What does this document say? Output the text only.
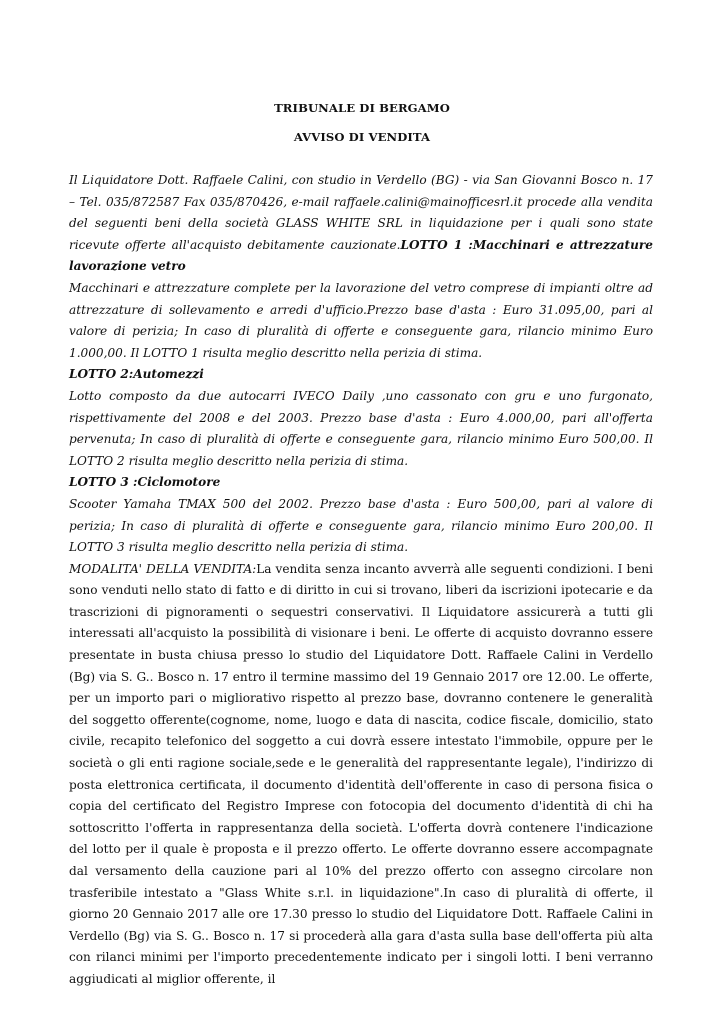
TRIBUNALE DI BERGAMO
AVVISO DI VENDITA

Il Liquidatore Dott. Raffaele Calini, con studio in Verdello (BG) - via San Giovanni Bosco n. 17 – Tel. 035/872587 Fax 035/870426, e-mail raffaele.calini@mainofficesrl.it procede alla vendita del seguenti beni della società GLASS WHITE SRL in liquidazione per i quali sono state ricevute offerte all'acquisto debitamente cauzionate.LOTTO 1 :Macchinari e attrezzature lavorazione vetro

Macchinari e attrezzature complete per la lavorazione del vetro comprese di impianti oltre ad attrezzature di sollevamento e arredi d'ufficio.Prezzo base d'asta : Euro 31.095,00, pari al valore di perizia; In caso di pluralità di offerte e conseguente gara, rilancio minimo Euro 1.000,00. Il LOTTO 1 risulta meglio descritto nella perizia di stima.

LOTTO 2:Automezzi

Lotto composto da due autocarri IVECO Daily ,uno cassonato con gru e uno furgonato, rispettivamente del 2008 e del 2003. Prezzo base d'asta : Euro 4.000,00, pari all'offerta pervenuta; In caso di pluralità di offerte e conseguente gara, rilancio minimo Euro 500,00. Il LOTTO 2 risulta meglio descritto nella perizia di stima.

LOTTO 3 :Ciclomotore

Scooter Yamaha TMAX 500 del 2002. Prezzo base d'asta : Euro 500,00, pari al valore di perizia; In caso di pluralità di offerte e conseguente gara, rilancio minimo Euro 200,00. Il LOTTO 3 risulta meglio descritto nella perizia di stima.

MODALITA' DELLA VENDITA:La vendita senza incanto avverrà alle seguenti condizioni. I beni sono venduti nello stato di fatto e di diritto in cui si trovano, liberi da iscrizioni ipotecarie e da trascrizioni di pignoramenti o sequestri conservativi. Il Liquidatore assicurerà a tutti gli interessati all'acquisto la possibilità di visionare i beni. Le offerte di acquisto dovranno essere presentate in busta chiusa presso lo studio del Liquidatore Dott. Raffaele Calini in Verdello (Bg) via S. G.. Bosco n. 17 entro il termine massimo del 19 Gennaio 2017 ore 12.00. Le offerte, per un importo pari o migliorativo rispetto al prezzo base, dovranno contenere le generalità del soggetto offerente(cognome, nome, luogo e data di nascita, codice fiscale, domicilio, stato civile, recapito telefonico del soggetto a cui dovrà essere intestato l'immobile, oppure per le società o gli enti ragione sociale,sede e le generalità del rappresentante legale), l'indirizzo di posta elettronica certificata, il documento d'identità dell'offerente in caso di persona fisica o copia del certificato del Registro Imprese con fotocopia del documento d'identità di chi ha sottoscritto l'offerta in rappresentanza della società. L'offerta dovrà contenere l'indicazione del lotto per il quale è proposta e il prezzo offerto. Le offerte dovranno essere accompagnate dal versamento della cauzione pari al 10% del prezzo offerto con assegno circolare non trasferibile intestato a "Glass White s.r.l. in liquidazione".In caso di pluralità di offerte, il giorno 20 Gennaio 2017 alle ore 17.30 presso lo studio del Liquidatore Dott. Raffaele Calini in Verdello (Bg) via S. G.. Bosco n. 17 si procederà alla gara d'asta sulla base dell'offerta più alta con rilanci minimi per l'importo precedentemente indicato per i singoli lotti. I beni verranno aggiudicati al miglior offerente, il
